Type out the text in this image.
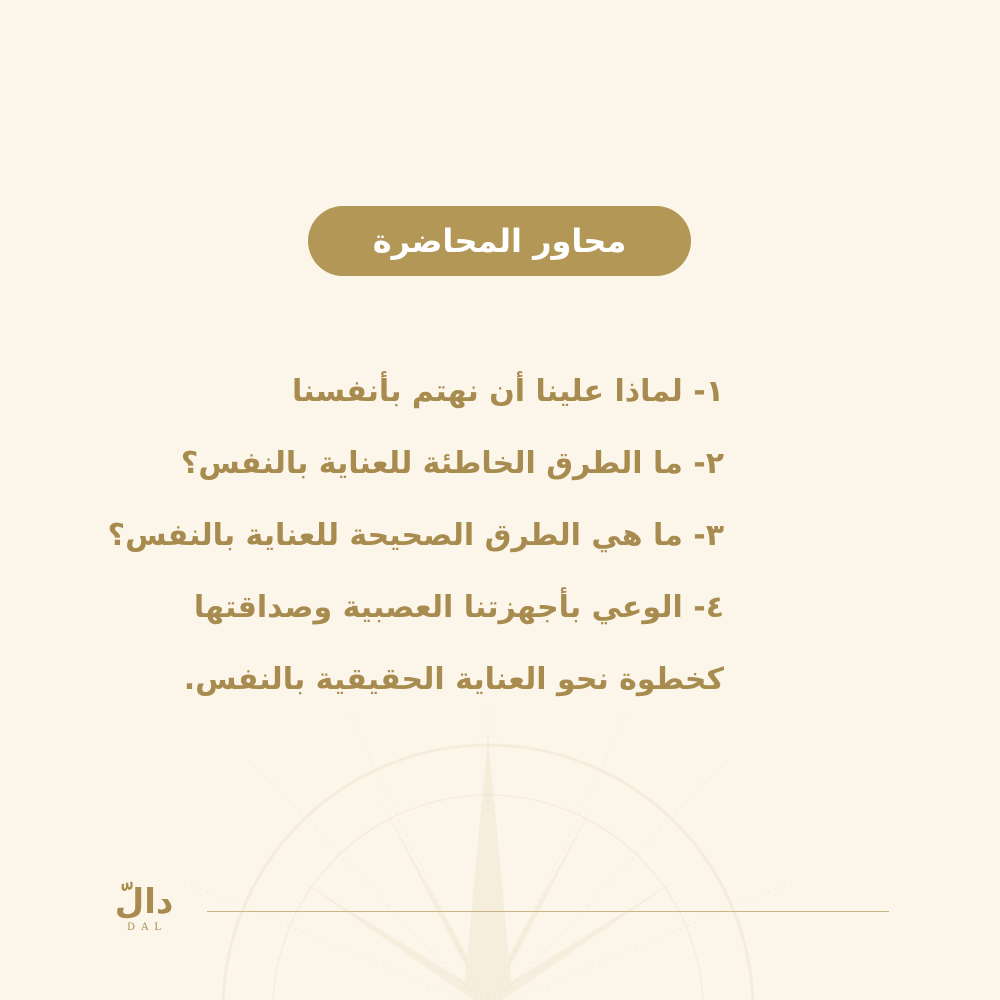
محاور المحاضرة
١- لماذا علينا أن نهتم بأنفسنا
٢- ما الطرق الخاطئة للعناية بالنفس؟
٣- ما هي الطرق الصحيحة للعناية بالنفس؟
٤- الوعي بأجهزتنا العصبية وصداقتها
كخطوة نحو العناية الحقيقية بالنفس.
دالّ
DAL
